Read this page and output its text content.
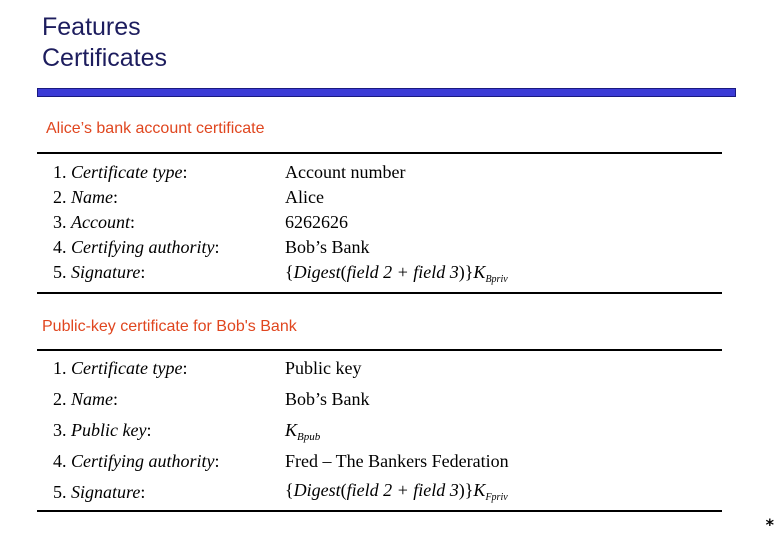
Features
Certificates
Alice’s bank account certificate
1. Certificate type:	Account number
2. Name:	Alice
3. Account:	6262626
4. Certifying authority:	Bob’s Bank
5. Signature:	{Digest(field 2 + field $3)\}K_{Bpriv}$
Public-key certificate for Bob's Bank
1. Certificate type:	Public key
2. Name:	Bob’s Bank
3. Public key:	$K_{Bpub}$
4. Certifying authority:	Fred – The Bankers Federation
5. Signature:	{Digest(field 2 + field $3)\}K_{Fpriv}$
*
